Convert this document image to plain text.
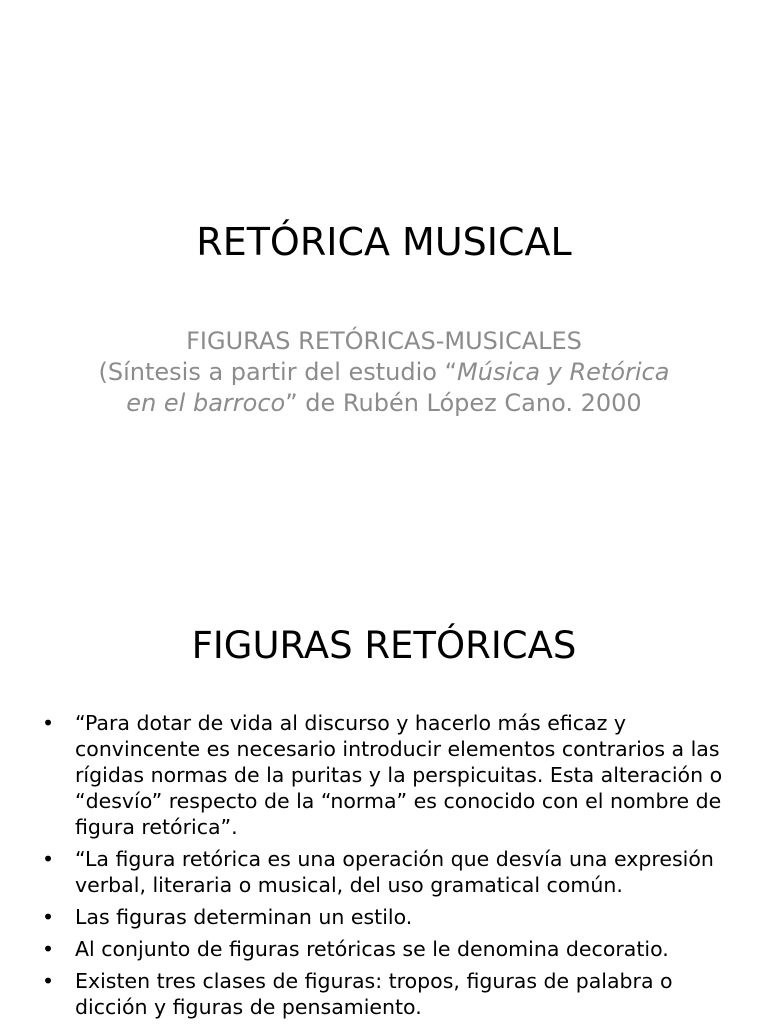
RETÓRICA MUSICAL

FIGURAS RETÓRICAS-MUSICALES
(Síntesis a partir del estudio “Música y Retórica en el barroco” de Rubén López Cano. 2000

FIGURAS RETÓRICAS
• “Para dotar de vida al discurso y hacerlo más eficaz y convincente es necesario introducir elementos contrarios a las rígidas normas de la puritas y la perspicuitas. Esta alteración o “desvío” respecto de la “norma” es conocido con el nombre de figura retórica”.
• “La figura retórica es una operación que desvía una expresión verbal, literaria o musical, del uso gramatical común.
• Las figuras determinan un estilo.
• Al conjunto de figuras retóricas se le denomina decoratio.
• Existen tres clases de figuras: tropos, figuras de palabra o dicción y figuras de pensamiento.
